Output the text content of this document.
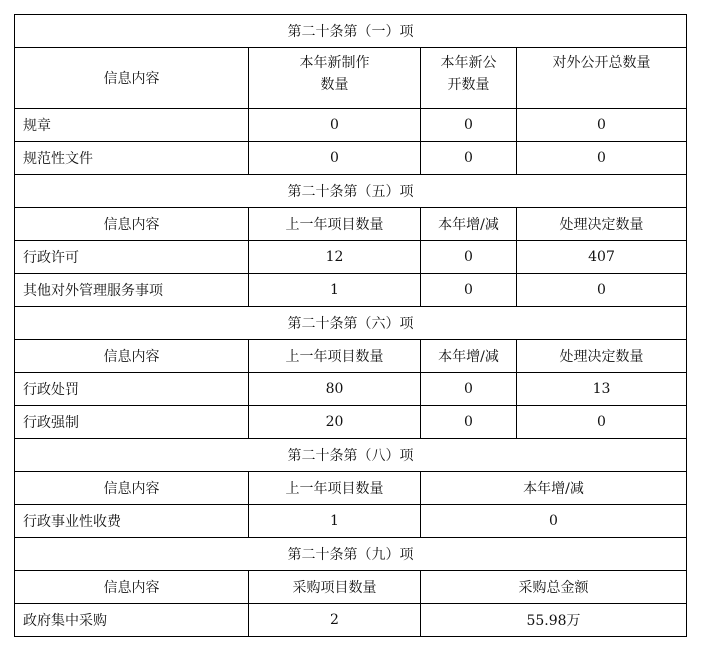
第二十条第（一）项			
信息内容	本年新制作数量	本年新公开数量	对外公开总数量
规章	0	0	0
规范性文件	0	0	0
第二十条第（五）项			
信息内容	上一年项目数量	本年增/减	处理决定数量
行政许可	12	0	407
其他对外管理服务事项	1	0	0
第二十条第（六）项			
信息内容	上一年项目数量	本年增/减	处理决定数量
行政处罚	80	0	13
行政强制	20	0	0
第二十条第（八）项			
信息内容	上一年项目数量	本年增/减	
行政事业性收费	1	0	
第二十条第（九）项			
信息内容	采购项目数量	采购总金额	
政府集中采购	2	55.98万	
